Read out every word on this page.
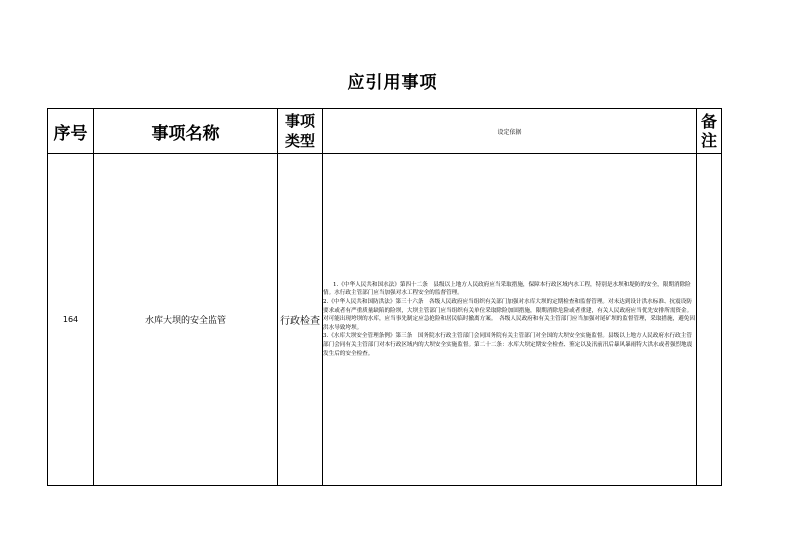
应引用事项
序号	事项名称	事项类型	设定依据	备注
164	水库大坝的安全监管	行政检查	1.《中华人民共和国水法》第四十二条　县级以上地方人民政府应当采取措施，保障本行政区域内水工程，特别是水坝和堤防的安全，限期消除险情。水行政主管部门应当加强对水工程安全的监督管理。

2.《中华人民共和国防洪法》第三十六条　各级人民政府应当组织有关部门加强对水库大坝的定期检查和监督管理。对未达到设计洪水标准、抗震设防要求或者有严重质量缺陷的险坝，大坝主管部门应当组织有关单位采取除险加固措施，限期消除危险或者重建，有关人民政府应当优先安排所需资金。对可能出现垮坝的水库，应当事先制定应急抢险和居民临时撤离方案。　各级人民政府和有关主管部门应当加强对尾矿坝的监督管理，采取措施，避免因洪水导致垮坝。

3.《水库大坝安全管理条例》第三条　国务院水行政主管部门会同国务院有关主管部门对全国的大坝安全实施监督。县级以上地方人民政府水行政主管部门会同有关主管部门对本行政区域内的大坝安全实施监督。第二十二条：水库大坝定期安全检查、鉴定以及汛前汛后暴风暴雨特大洪水或者强烈地震发生后的安全检查。	
